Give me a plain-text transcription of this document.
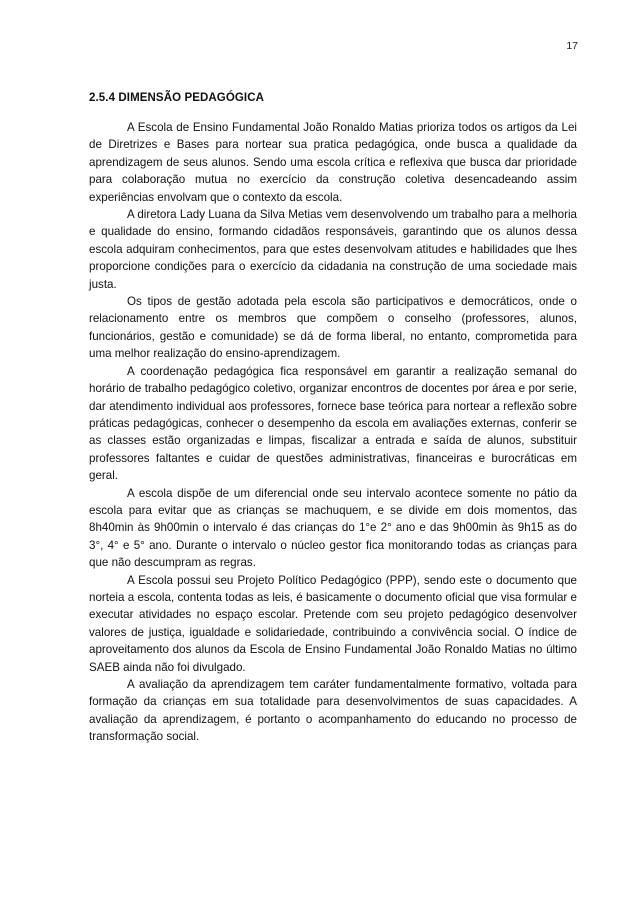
17
2.5.4 DIMENSÃO PEDAGÓGICA

A Escola de Ensino Fundamental João Ronaldo Matias prioriza todos os artigos da Lei de Diretrizes e Bases para nortear sua pratica pedagógica, onde busca a qualidade da aprendizagem de seus alunos. Sendo uma escola crítica e reflexiva que busca dar prioridade para colaboração mutua no exercício da construção coletiva desencadeando assim experiências envolvam que o contexto da escola.

A diretora Lady Luana da Silva Metias vem desenvolvendo um trabalho para a melhoria e qualidade do ensino, formando cidadãos responsáveis, garantindo que os alunos dessa escola adquiram conhecimentos, para que estes desenvolvam atitudes e habilidades que lhes proporcione condições para o exercício da cidadania na construção de uma sociedade mais justa.

Os tipos de gestão adotada pela escola são participativos e democráticos, onde o relacionamento entre os membros que compõem o conselho (professores, alunos, funcionários, gestão e comunidade) se dá de forma liberal, no entanto, comprometida para uma melhor realização do ensino-aprendizagem.

A coordenação pedagógica fica responsável em garantir a realização semanal do horário de trabalho pedagógico coletivo, organizar encontros de docentes por área e por serie, dar atendimento individual aos professores, fornece base teórica para nortear a reflexão sobre práticas pedagógicas, conhecer o desempenho da escola em avaliações externas, conferir se as classes estão organizadas e limpas, fiscalizar a entrada e saída de alunos, substituir professores faltantes e cuidar de questões administrativas, financeiras e burocráticas em geral.

A escola dispõe de um diferencial onde seu intervalo acontece somente no pátio da escola para evitar que as crianças se machuquem, e se divide em dois momentos, das 8h40min às 9h00min o intervalo é das crianças do 1°e 2° ano e das 9h00min às 9h15 as do 3°, 4° e 5° ano. Durante o intervalo o núcleo gestor fica monitorando todas as crianças para que não descumpram as regras.

A Escola possui seu Projeto Político Pedagógico (PPP), sendo este o documento que norteia a escola, contenta todas as leis, é basicamente o documento oficial que visa formular e executar atividades no espaço escolar. Pretende com seu projeto pedagógico desenvolver valores de justiça, igualdade e solidariedade, contribuindo a convivência social. O índice de aproveitamento dos alunos da Escola de Ensino Fundamental João Ronaldo Matias no último SAEB ainda não foi divulgado.

A avaliação da aprendizagem tem caráter fundamentalmente formativo, voltada para formação da crianças em sua totalidade para desenvolvimentos de suas capacidades. A avaliação da aprendizagem, é portanto o acompanhamento do educando no processo de transformação social.
